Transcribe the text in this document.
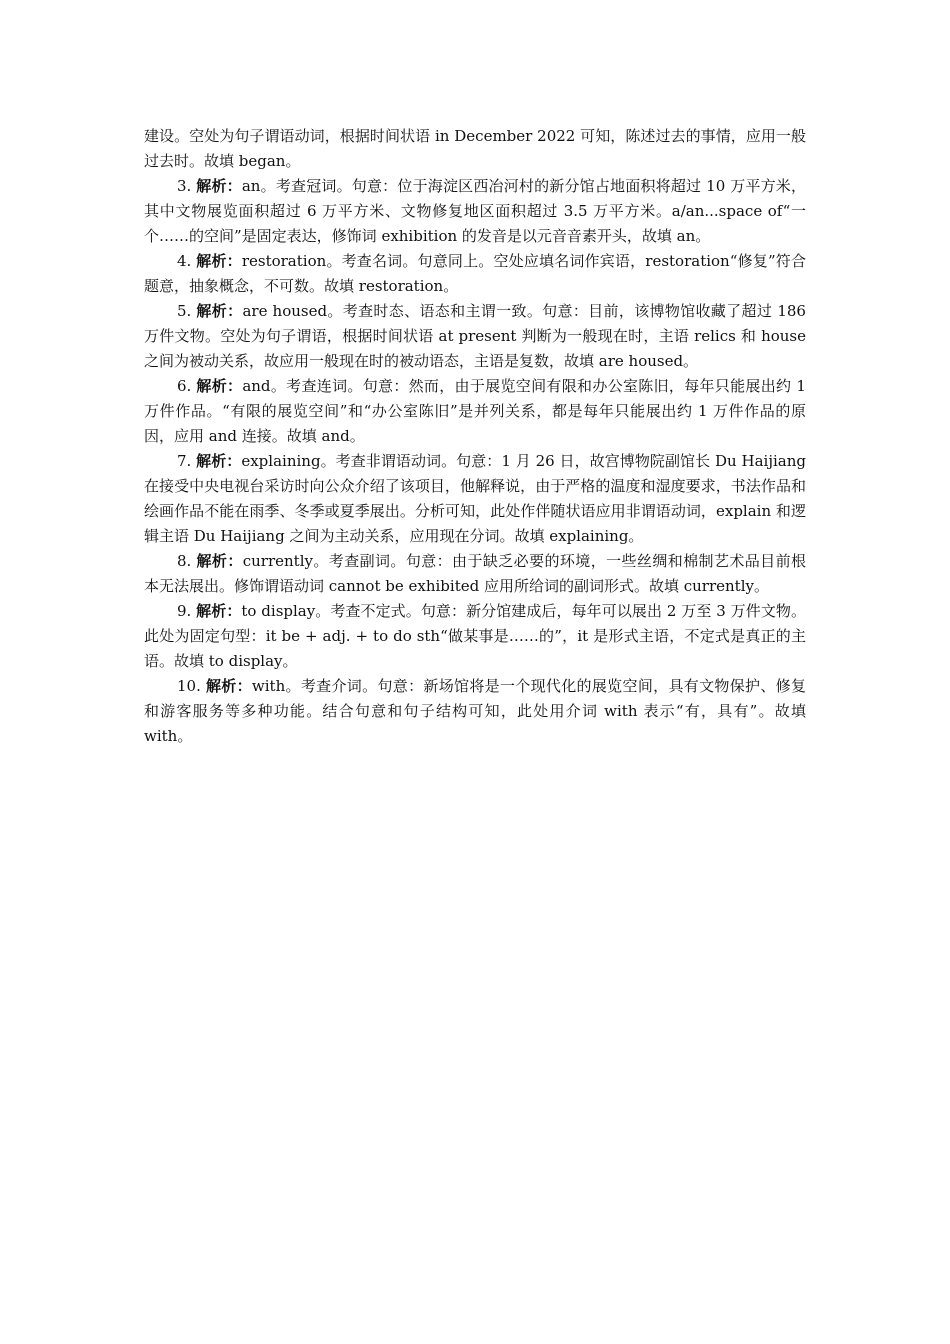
建设。空处为句子谓语动词，根据时间状语 in December 2022 可知，陈述过去的事情，应用一般过去时。故填 began。

3. 解析：an。考查冠词。句意：位于海淀区西冶河村的新分馆占地面积将超过 10 万平方米，其中文物展览面积超过 6 万平方米、文物修复地区面积超过 3.5 万平方米。a/an...space of“一个……的空间”是固定表达，修饰词 exhibition 的发音是以元音音素开头，故填 an。

4. 解析：restoration。考查名词。句意同上。空处应填名词作宾语，restoration“修复”符合题意，抽象概念，不可数。故填 restoration。

5. 解析：are housed。考查时态、语态和主谓一致。句意：目前，该博物馆收藏了超过 186 万件文物。空处为句子谓语，根据时间状语 at present 判断为一般现在时，主语 relics 和 house 之间为被动关系，故应用一般现在时的被动语态，主语是复数，故填 are housed。

6. 解析：and。考查连词。句意：然而，由于展览空间有限和办公室陈旧，每年只能展出约 1 万件作品。“有限的展览空间”和“办公室陈旧”是并列关系，都是每年只能展出约 1 万件作品的原因，应用 and 连接。故填 and。

7. 解析：explaining。考查非谓语动词。句意：1 月 26 日，故宫博物院副馆长 Du Haijiang 在接受中央电视台采访时向公众介绍了该项目，他解释说，由于严格的温度和湿度要求，书法作品和绘画作品不能在雨季、冬季或夏季展出。分析可知，此处作伴随状语应用非谓语动词，explain 和逻辑主语 Du Haijiang 之间为主动关系，应用现在分词。故填 explaining。

8. 解析：currently。考查副词。句意：由于缺乏必要的环境，一些丝绸和棉制艺术品目前根本无法展出。修饰谓语动词 cannot be exhibited 应用所给词的副词形式。故填 currently。

9. 解析：to display。考查不定式。句意：新分馆建成后，每年可以展出 2 万至 3 万件文物。此处为固定句型：it be + adj. + to do sth“做某事是……的”，it 是形式主语，不定式是真正的主语。故填 to display。

10. 解析：with。考查介词。句意：新场馆将是一个现代化的展览空间，具有文物保护、修复和游客服务等多种功能。结合句意和句子结构可知，此处用介词 with 表示“有，具有”。故填 with。
